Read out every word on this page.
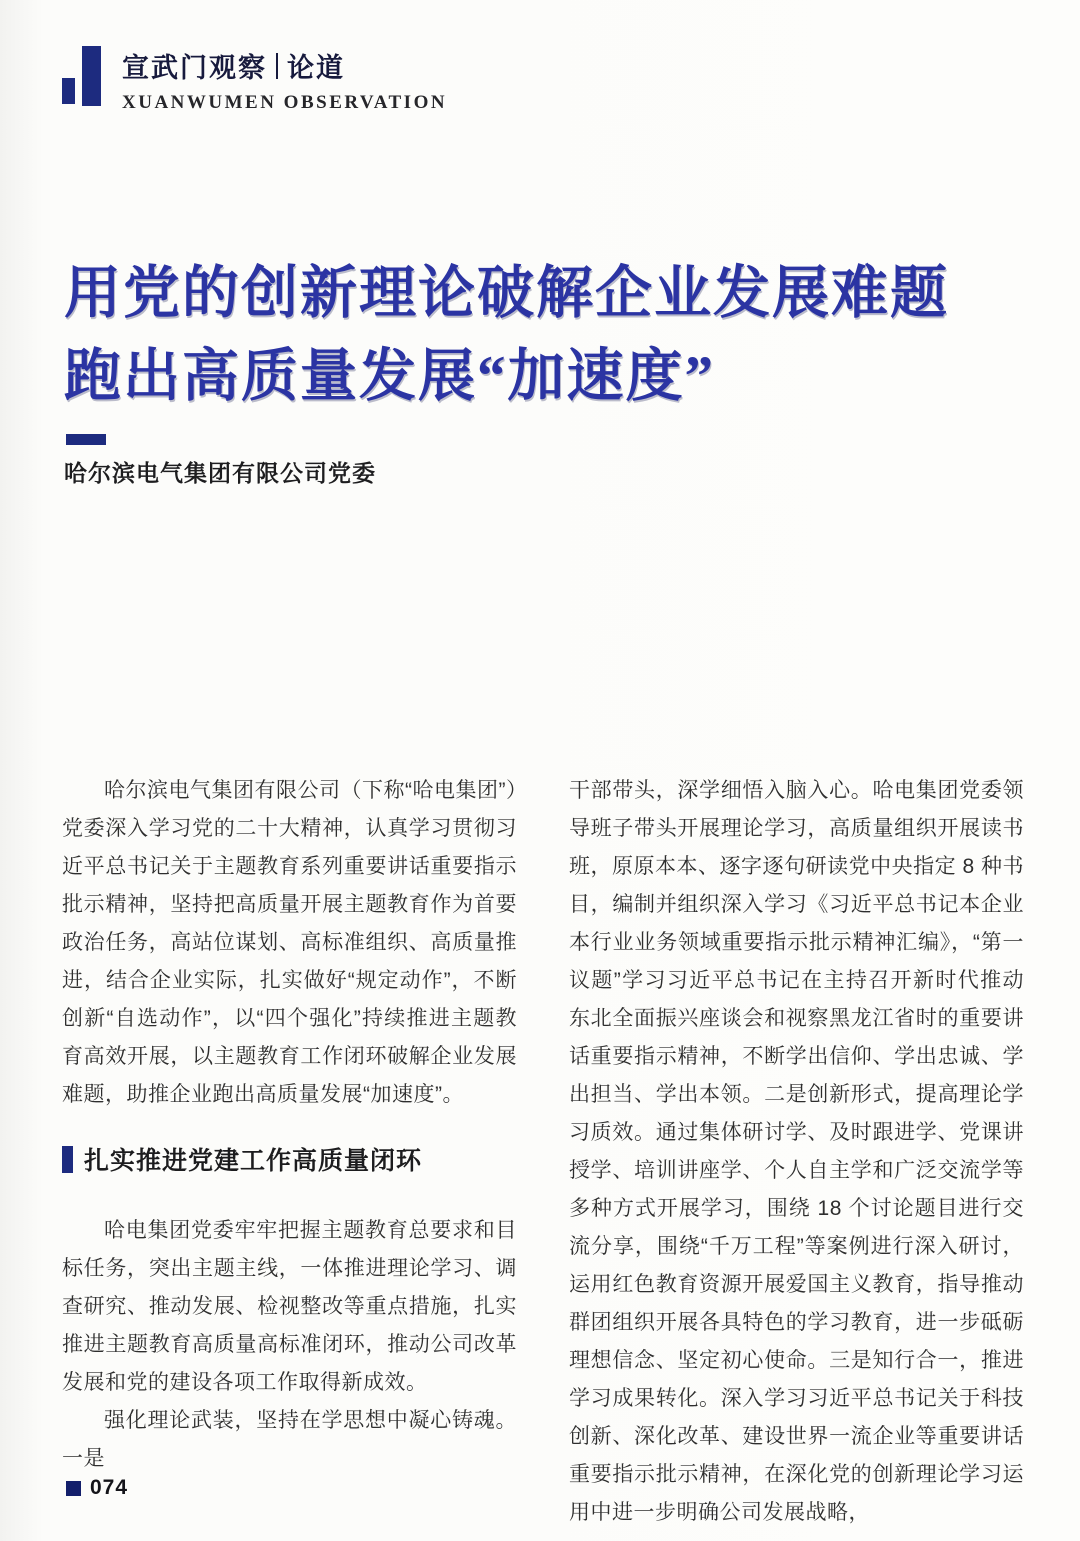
宣武门观察 论道
XUANWUMEN OBSERVATION
用党的创新理论破解企业发展难题
跑出高质量发展“加速度”
哈尔滨电气集团有限公司党委

哈尔滨电气集团有限公司（下称“哈电集团”）党委深入学习党的二十大精神，认真学习贯彻习近平总书记关于主题教育系列重要讲话重要指示批示精神，坚持把高质量开展主题教育作为首要政治任务，高站位谋划、高标准组织、高质量推进，结合企业实际，扎实做好“规定动作”，不断创新“自选动作”，以“四个强化”持续推进主题教育高效开展，以主题教育工作闭环破解企业发展难题，助推企业跑出高质量发展“加速度”。

扎实推进党建工作高质量闭环

哈电集团党委牢牢把握主题教育总要求和目标任务，突出主题主线，一体推进理论学习、调查研究、推动发展、检视整改等重点措施，扎实推进主题教育高质量高标准闭环，推动公司改革发展和党的建设各项工作取得新成效。

强化理论武装，坚持在学思想中凝心铸魂。一是

干部带头，深学细悟入脑入心。哈电集团党委领导班子带头开展理论学习，高质量组织开展读书班，原原本本、逐字逐句研读党中央指定 8 种书目，编制并组织深入学习《习近平总书记本企业本行业业务领域重要指示批示精神汇编》，“第一议题”学习习近平总书记在主持召开新时代推动东北全面振兴座谈会和视察黑龙江省时的重要讲话重要指示精神，不断学出信仰、学出忠诚、学出担当、学出本领。二是创新形式，提高理论学习质效。通过集体研讨学、及时跟进学、党课讲授学、培训讲座学、个人自主学和广泛交流学等多种方式开展学习，围绕 18 个讨论题目进行交流分享，围绕“千万工程”等案例进行深入研讨，运用红色教育资源开展爱国主义教育，指导推动群团组织开展各具特色的学习教育，进一步砥砺理想信念、坚定初心使命。三是知行合一，推进学习成果转化。深入学习习近平总书记关于科技创新、深化改革、建设世界一流企业等重要讲话重要指示批示精神，在深化党的创新理论学习运用中进一步明确公司发展战略，

074
